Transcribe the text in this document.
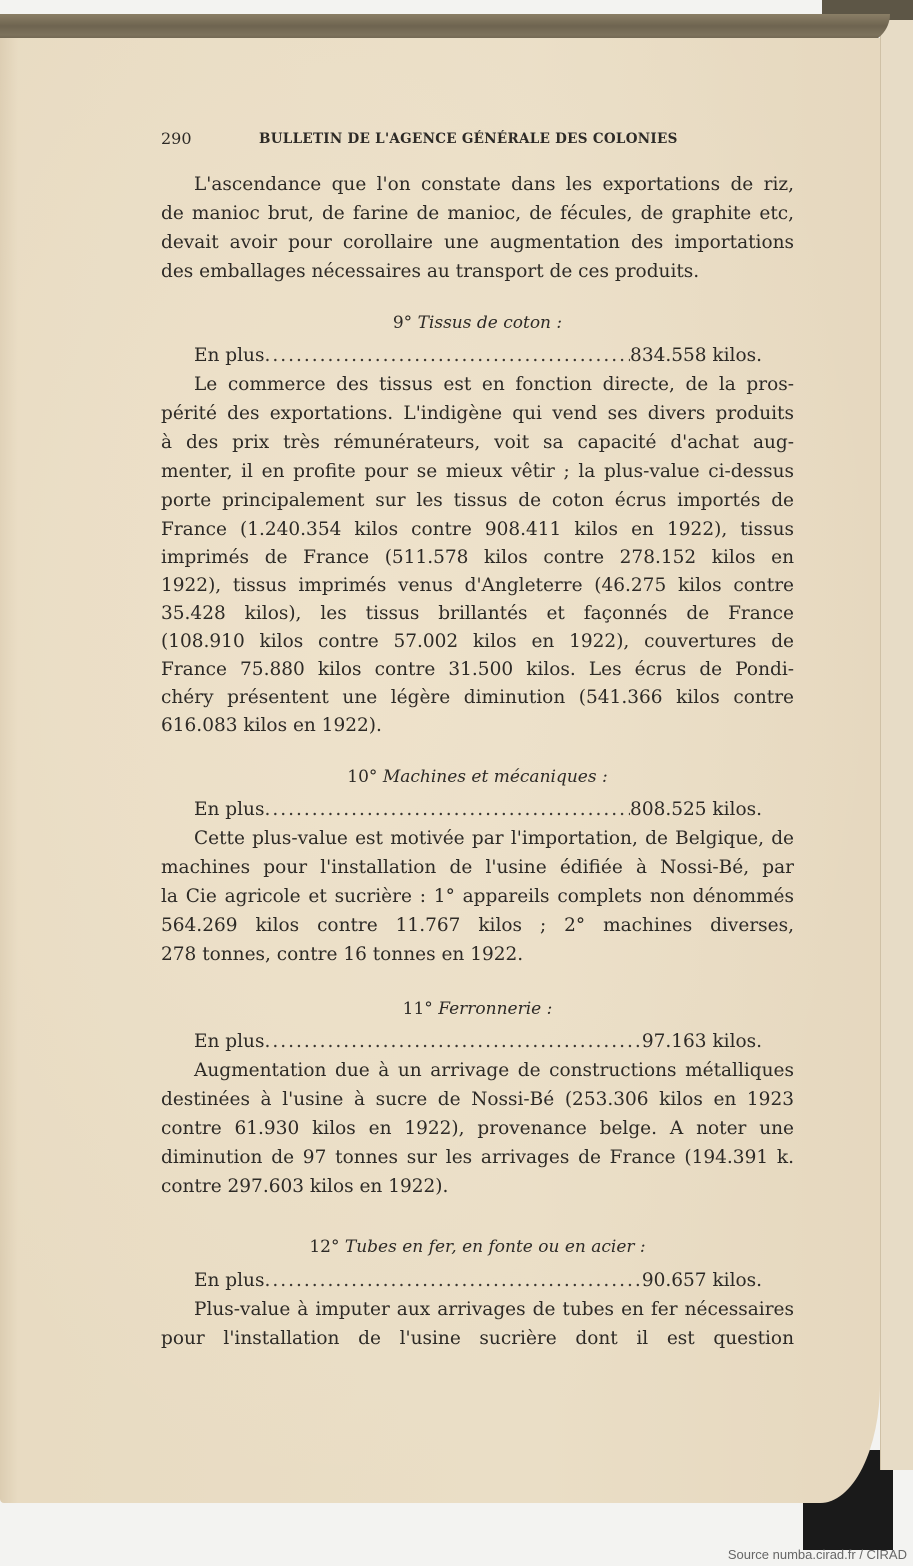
290	BULLETIN DE L'AGENCE GÉNÉRALE DES COLONIES
L'ascendance que l'on constate dans les exportations de riz,
de manioc brut, de farine de manioc, de fécules, de graphite etc,
devait avoir pour corollaire une augmentation des importations
des emballages nécessaires au transport de ces produits.
9° Tissus de coton :
En plus .....	834.558 kilos.
Le commerce des tissus est en fonction directe, de la pros-
périté des exportations. L'indigène qui vend ses divers produits
à des prix très rémunérateurs, voit sa capacité d'achat aug-
menter, il en profite pour se mieux vêtir ; la plus-value ci-dessus
porte principalement sur les tissus de coton écrus importés de
France (1.240.354 kilos contre 908.411 kilos en 1922), tissus
imprimés de France (511.578 kilos contre 278.152 kilos en
1922), tissus imprimés venus d'Angleterre (46.275 kilos contre
35.428 kilos), les tissus brillantés et façonnés de France
(108.910 kilos contre 57.002 kilos en 1922), couvertures de
France 75.880 kilos contre 31.500 kilos. Les écrus de Pondi-
chéry présentent une légère diminution (541.366 kilos contre
616.083 kilos en 1922).
10° Machines et mécaniques :
En plus .....	808.525 kilos.
Cette plus-value est motivée par l'importation, de Belgique, de
machines pour l'installation de l'usine édifiée à Nossi-Bé, par
la Cie agricole et sucrière : 1° appareils complets non dénommés
564.269 kilos contre 11.767 kilos ; 2° machines diverses,
278 tonnes, contre 16 tonnes en 1922.
11° Ferronnerie :
En plus .....	97.163 kilos.
Augmentation due à un arrivage de constructions métalliques
destinées à l'usine à sucre de Nossi-Bé (253.306 kilos en 1923
contre 61.930 kilos en 1922), provenance belge. A noter une
diminution de 97 tonnes sur les arrivages de France (194.391 k.
contre 297.603 kilos en 1922).
12° Tubes en fer, en fonte ou en acier :
En plus .....	90.657 kilos.
Plus-value à imputer aux arrivages de tubes en fer nécessaires
pour l'installation de l'usine sucrière dont il est question
Source numba.cirad.fr / CIRAD
